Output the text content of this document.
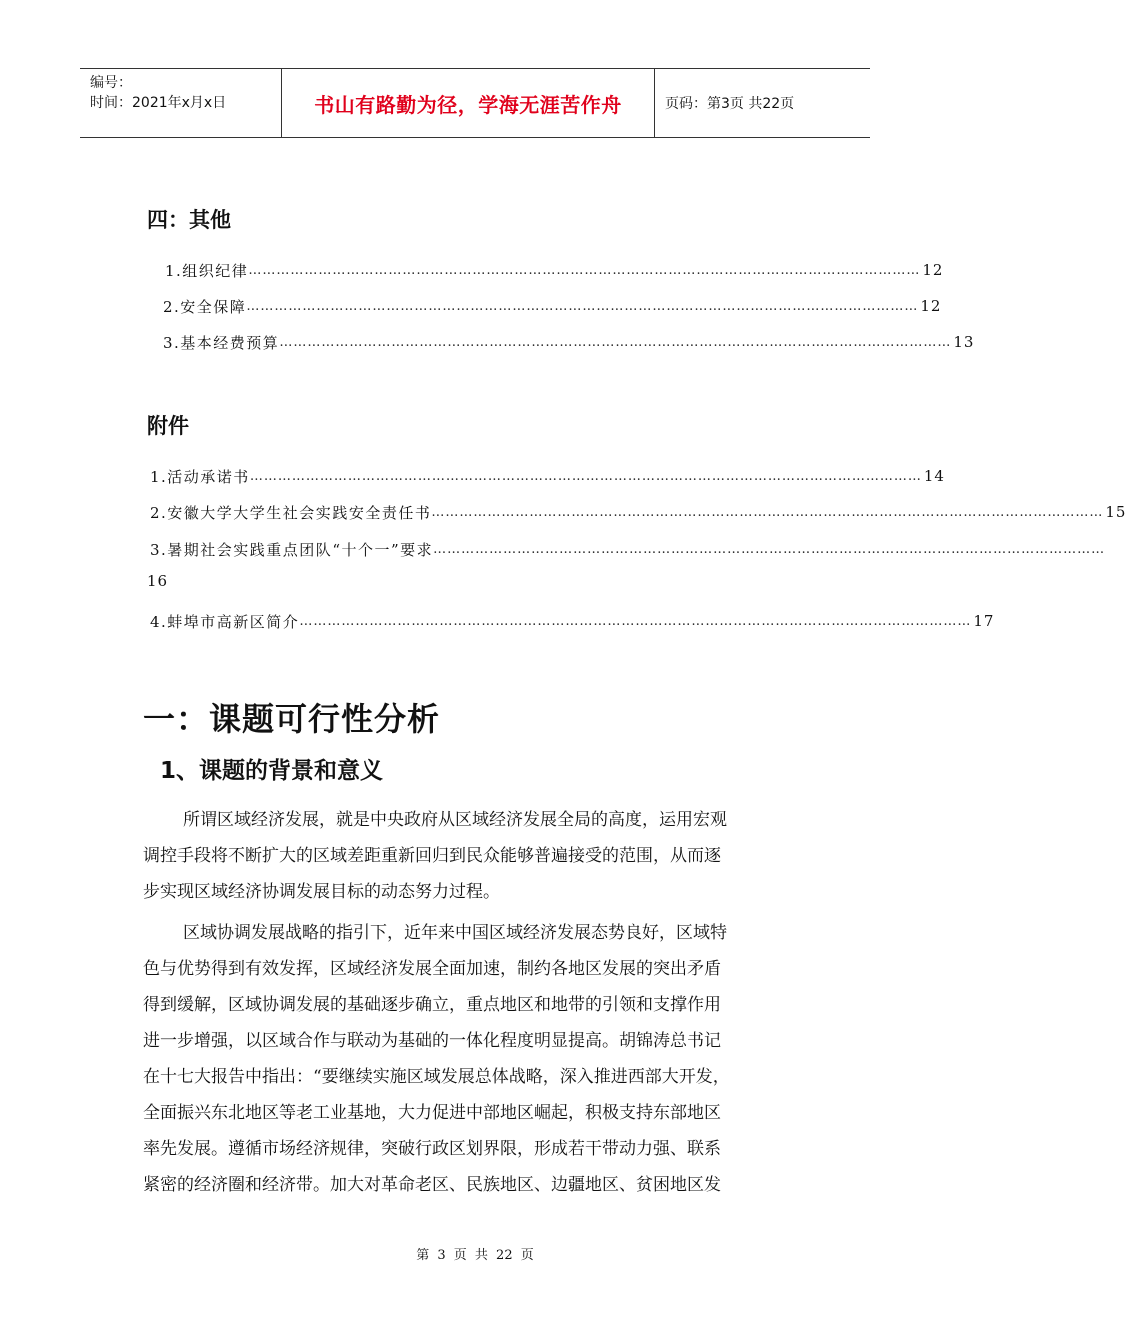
编号：
时间：2021年x月x日	书山有路勤为径，学海无涯苦作舟	页码：第3页 共22页
四：其他
1.组织纪律 ……………………………………………………………………………………………………………………………… 12
2.安全保障 ……………………………………………………………………………………………………………………………… 12
3.基本经费预算 ……………………………………………………………………………………………………………………………… 13
附件
1.活动承诺书 ……………………………………………………………………………………………………………………………… 14
2.安徽大学大学生社会实践安全责任书 ……………………………………………………………………………………………………………………………… 15
3.暑期社会实践重点团队“十个一”要求 ………………………………………………………………………………………………………………………………
16
4.蚌埠市高新区简介 ……………………………………………………………………………………………………………………………… 17
一：课题可行性分析
1、课题的背景和意义
所谓区域经济发展，就是中央政府从区域经济发展全局的高度，运用宏观
调控手段将不断扩大的区域差距重新回归到民众能够普遍接受的范围，从而逐
步实现区域经济协调发展目标的动态努力过程。
区域协调发展战略的指引下，近年来中国区域经济发展态势良好，区域特
色与优势得到有效发挥，区域经济发展全面加速，制约各地区发展的突出矛盾
得到缓解，区域协调发展的基础逐步确立，重点地区和地带的引领和支撑作用
进一步增强，以区域合作与联动为基础的一体化程度明显提高。胡锦涛总书记
在十七大报告中指出：“要继续实施区域发展总体战略，深入推进西部大开发，
全面振兴东北地区等老工业基地，大力促进中部地区崛起，积极支持东部地区
率先发展。遵循市场经济规律，突破行政区划界限，形成若干带动力强、联系
紧密的经济圈和经济带。加大对革命老区、民族地区、边疆地区、贫困地区发
第 3 页 共 22 页
